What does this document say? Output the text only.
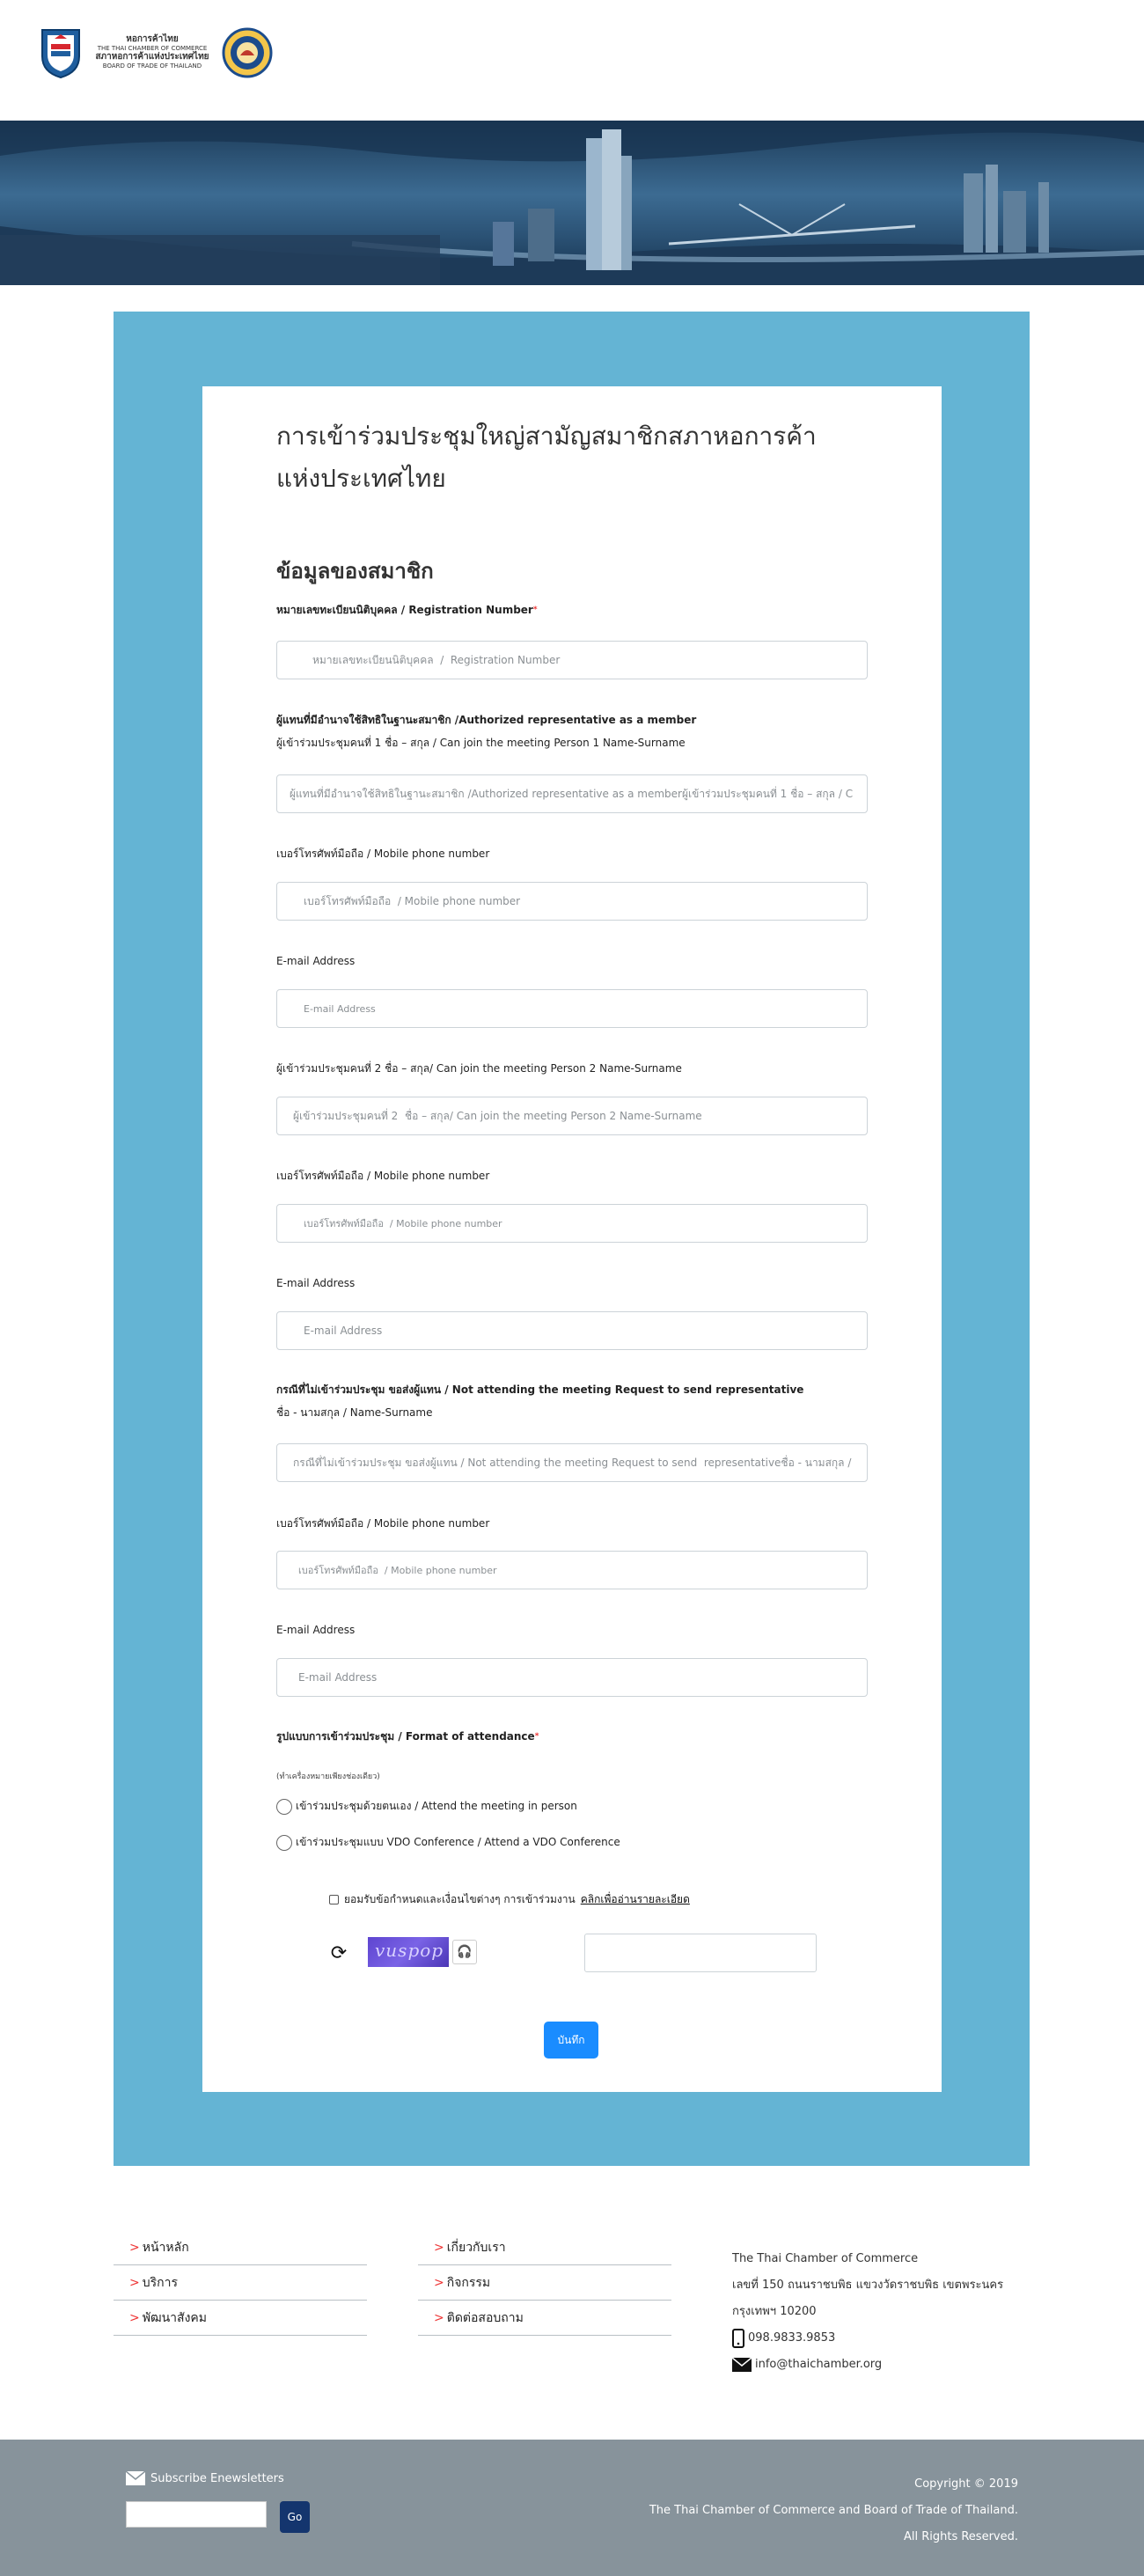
หอการค้าไทย
THE THAI CHAMBER OF COMMERCE
สภาหอการค้าแห่งประเทศไทย
BOARD OF TRADE OF THAILAND
การเข้าร่วมประชุมใหญ่สามัญสมาชิกสภาหอการค้าแห่งประเทศไทย
ข้อมูลของสมาชิก
หมายเลขทะเบียนนิติบุคคล / Registration Number*
หมายเลขทะเบียนนิติบุคคล / Registration Number
ผู้แทนที่มีอำนาจใช้สิทธิในฐานะสมาชิก /Authorized representative as a member
ผู้เข้าร่วมประชุมคนที่ 1 ชื่อ – สกุล / Can join the meeting Person 1 Name-Surname
ผู้แทนที่มีอำนาจใช้สิทธิในฐานะสมาชิก /Authorized representative as a memberผู้เข้าร่วมประชุมคนที่ 1 ชื่อ – สกุล / Can join the meeting Person 1 Name-Surname
เบอร์โทรศัพท์มือถือ / Mobile phone number
เบอร์โทรศัพท์มือถือ / Mobile phone number
E-mail Address
E-mail Address
ผู้เข้าร่วมประชุมคนที่ 2 ชื่อ – สกุล/ Can join the meeting Person 2 Name-Surname
ผู้เข้าร่วมประชุมคนที่ 2 ชื่อ – สกุล/ Can join the meeting Person 2 Name-Surname
เบอร์โทรศัพท์มือถือ / Mobile phone number
เบอร์โทรศัพท์มือถือ / Mobile phone number
E-mail Address
E-mail Address
กรณีที่ไม่เข้าร่วมประชุม ขอส่งผู้แทน / Not attending the meeting Request to send representative
ชื่อ - นามสกุล / Name-Surname
กรณีที่ไม่เข้าร่วมประชุม ขอส่งผู้แทน / Not attending the meeting Request to send representativeชื่อ - นามสกุล / Name-Surname
เบอร์โทรศัพท์มือถือ / Mobile phone number
เบอร์โทรศัพท์มือถือ / Mobile phone number
E-mail Address
E-mail Address
รูปแบบการเข้าร่วมประชุม / Format of attendance*
(ทำเครื่องหมายเพียงช่องเดียว)
เข้าร่วมประชุมด้วยตนเอง / Attend the meeting in person
เข้าร่วมประชุมแบบ VDO Conference / Attend a VDO Conference
ยอมรับข้อกำหนดและเงื่อนไขต่างๆ การเข้าร่วมงาน คลิกเพื่ออ่านรายละเอียด
⟳	vuspop	🎧
บันทึก
> หน้าหลัก
> บริการ
> พัฒนาสังคม
> เกี่ยวกับเรา
> กิจกรรม
> ติดต่อสอบถาม
The Thai Chamber of Commerce
เลขที่ 150 ถนนราชบพิธ แขวงวัดราชบพิธ เขตพระนคร
กรุงเทพฯ 10200
098.9833.9853
info@thaichamber.org
Subscribe Enewsletters
Go
Copyright © 2019
The Thai Chamber of Commerce and Board of Trade of Thailand.
All Rights Reserved.
